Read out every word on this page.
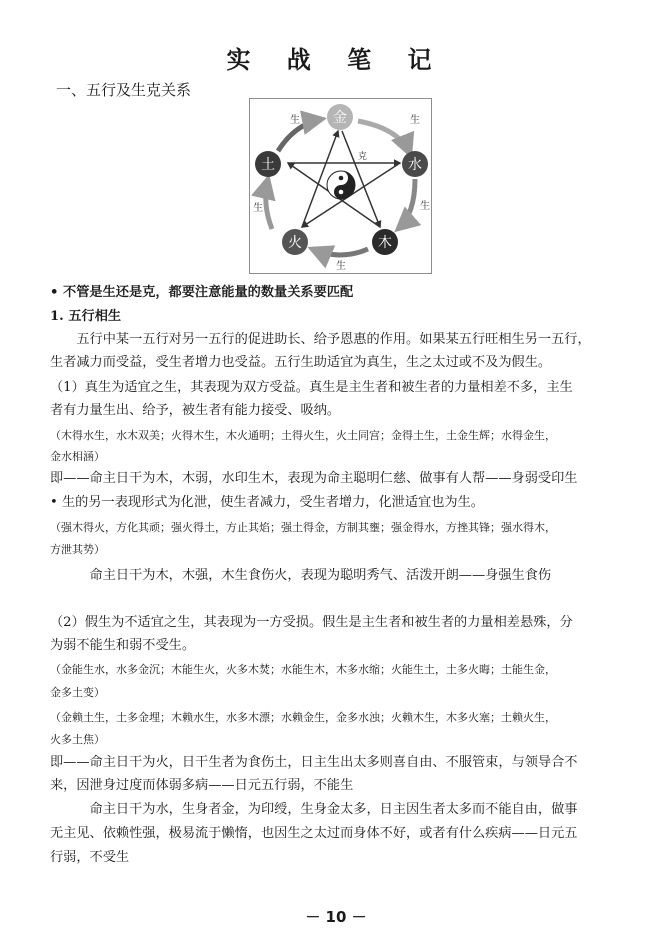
实 战 笔 记
一、五行及生克关系
金
水
木
火
土
生	生
生
生
生
克
• 不管是生还是克，都要注意能量的数量关系要匹配
1. 五行相生
　　五行中某一五行对另一五行的促进助长、给予恩惠的作用。如果某五行旺相生另一五行，
生者减力而受益，受生者增力也受益。五行生助适宜为真生，生之太过或不及为假生。
（1）真生为适宜之生，其表现为双方受益。真生是主生者和被生者的力量相差不多，主生
者有力量生出、给予，被生者有能力接受、吸纳。
（木得水生，水木双美；火得木生，木火通明；土得火生，火土同宫；金得土生，土金生辉；水得金生，
金水相涵）
即——命主日干为木，木弱，水印生木，表现为命主聪明仁慈、做事有人帮——身弱受印生
• 生的另一表现形式为化泄，使生者减力，受生者增力，化泄适宜也为生。
（强木得火，方化其顽；强火得土，方止其焰；强土得金，方制其壅；强金得水，方挫其锋；强水得木，
方泄其势）
　　　命主日干为木，木强，木生食伤火，表现为聪明秀气、活泼开朗——身强生食伤
（2）假生为不适宜之生，其表现为一方受损。假生是主生者和被生者的力量相差悬殊，分
为弱不能生和弱不受生。
（金能生水，水多金沉；木能生火，火多木焚；水能生木，木多水缩；火能生土，土多火晦；土能生金，
金多土变）
（金赖土生，土多金埋；木赖水生，水多木漂；水赖金生，金多水浊；火赖木生，木多火塞；土赖火生，
火多土焦）
即——命主日干为火，日干生者为食伤土，日主生出太多则喜自由、不服管束，与领导合不
来，因泄身过度而体弱多病——日元五行弱，不能生
　　　命主日干为水，生身者金，为印绶，生身金太多，日主因生者太多而不能自由，做事
无主见、依赖性强，极易流于懒惰，也因生之太过而身体不好，或者有什么疾病——日元五
行弱，不受生
－ 10 －
